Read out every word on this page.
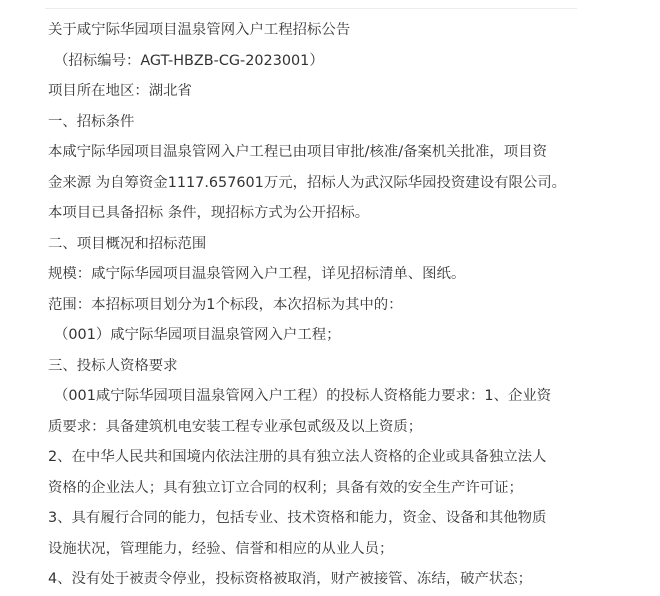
关于咸宁际华园项目温泉管网入户工程招标公告
（招标编号：AGT-HBZB-CG-2023001）
项目所在地区：湖北省
一、招标条件
本咸宁际华园项目温泉管网入户工程已由项目审批/核准/备案机关批准，项目资
金来源 为自筹资金1117.657601万元，招标人为武汉际华园投资建设有限公司。
本项目已具备招标 条件，现招标方式为公开招标。
二、项目概况和招标范围
规模：咸宁际华园项目温泉管网入户工程，详见招标清单、图纸。
范围：本招标项目划分为1个标段，本次招标为其中的：
（001）咸宁际华园项目温泉管网入户工程；
三、投标人资格要求
（001咸宁际华园项目温泉管网入户工程）的投标人资格能力要求：1、企业资
质要求：具备建筑机电安装工程专业承包贰级及以上资质；
2、在中华人民共和国境内依法注册的具有独立法人资格的企业或具备独立法人
资格的企业法人；具有独立订立合同的权利；具备有效的安全生产许可证；
3、具有履行合同的能力，包括专业、技术资格和能力，资金、设备和其他物质
设施状况，管理能力，经验、信誉和相应的从业人员；
4、没有处于被责令停业，投标资格被取消，财产被接管、冻结，破产状态；
